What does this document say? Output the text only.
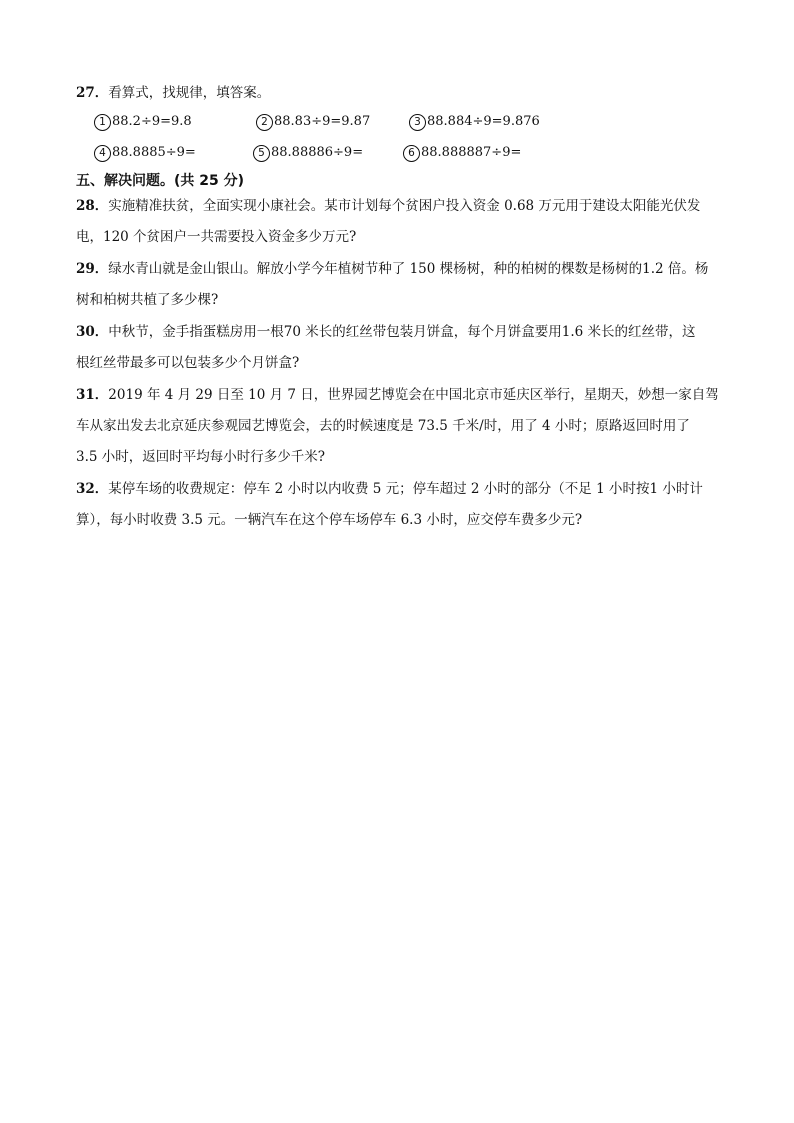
27．看算式，找规律，填答案。
1 88.2÷9=9.8	2 88.83÷9=9.87	3 88.884÷9=9.876
4 88.8885÷9=	5 88.88886÷9=	6 88.888887÷9=
五、解决问题。(共 25 分)
28．实施精准扶贫，全面实现小康社会。某市计划每个贫困户投入资金 0.68 万元用于建设太阳能光伏发
电，120 个贫困户一共需要投入资金多少万元?
29．绿水青山就是金山银山。解放小学今年植树节种了 150 棵杨树，种的柏树的棵数是杨树的1.2 倍。杨
树和柏树共植了多少棵?
30．中秋节，金手指蛋糕房用一根70 米长的红丝带包装月饼盒，每个月饼盒要用1.6 米长的红丝带，这
根红丝带最多可以包装多少个月饼盒?
31．2019 年 4 月 29 日至 10 月 7 日，世界园艺博览会在中国北京市延庆区举行，星期天，妙想一家自驾
车从家出发去北京延庆参观园艺博览会，去的时候速度是 73.5 千米/时，用了 4 小时；原路返回时用了
3.5 小时，返回时平均每小时行多少千米?
32．某停车场的收费规定：停车 2 小时以内收费 5 元；停车超过 2 小时的部分（不足 1 小时按1 小时计
算），每小时收费 3.5 元。一辆汽车在这个停车场停车 6.3 小时，应交停车费多少元?
